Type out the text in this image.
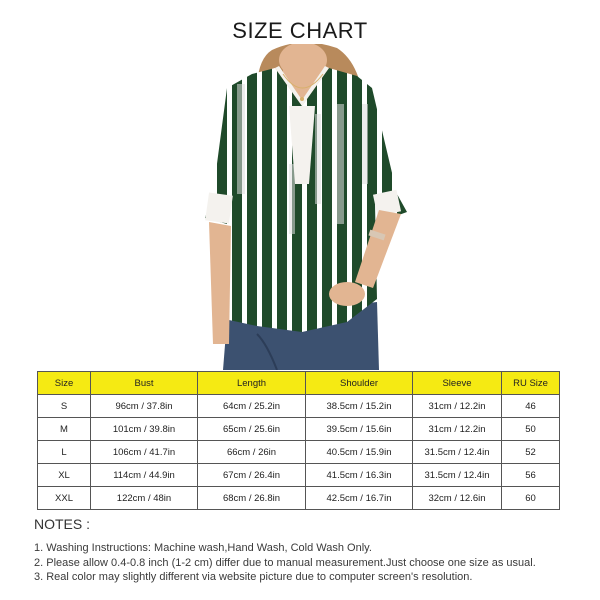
SIZE CHART
Size	Bust	Length	Shoulder	Sleeve	RU Size
S	96cm / 37.8in	64cm / 25.2in	38.5cm / 15.2in	31cm / 12.2in	46
M	101cm / 39.8in	65cm / 25.6in	39.5cm / 15.6in	31cm / 12.2in	50
L	106cm / 41.7in	66cm / 26in	40.5cm / 15.9in	31.5cm / 12.4in	52
XL	114cm / 44.9in	67cm / 26.4in	41.5cm / 16.3in	31.5cm / 12.4in	56
XXL	122cm / 48in	68cm / 26.8in	42.5cm / 16.7in	32cm / 12.6in	60
NOTES :
1. Washing Instructions: Machine wash,Hand Wash, Cold Wash Only.
2. Please allow 0.4-0.8 inch (1-2 cm) differ due to manual measurement.Just choose one size as usual.
3. Real color may slightly different via website picture due to computer screen's resolution.
